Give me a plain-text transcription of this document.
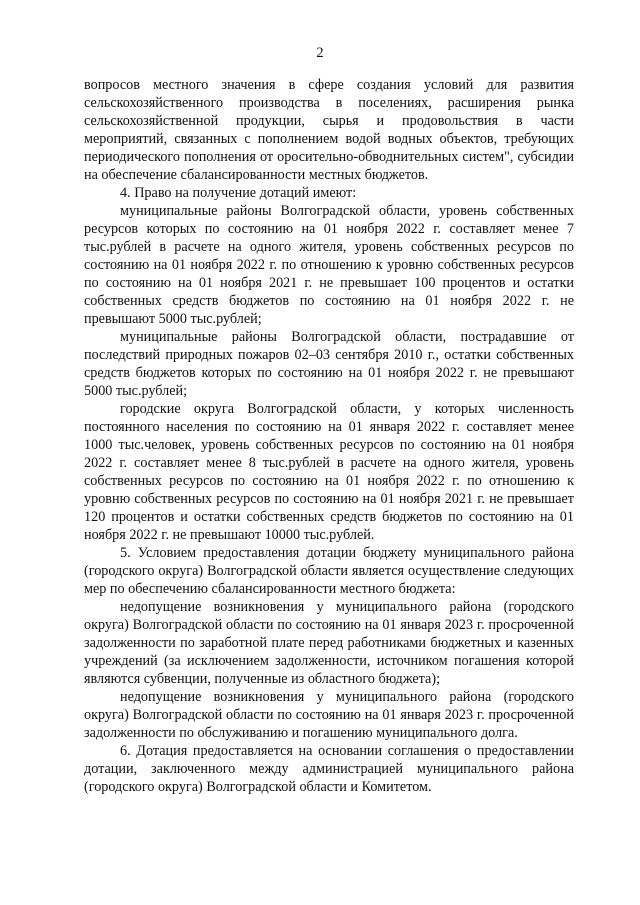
2

вопросов местного значения в сфере создания условий для развития сельскохозяйственного производства в поселениях, расширения рынка сельскохозяйственной продукции, сырья и продовольствия в части мероприятий, связанных с пополнением водой водных объектов, требующих периодического пополнения от оросительно-обводнительных систем", субсидии на обеспечение сбалансированности местных бюджетов.

4. Право на получение дотаций имеют:

муниципальные районы Волгоградской области, уровень собственных ресурсов которых по состоянию на 01 ноября 2022 г. составляет менее 7 тыс.рублей в расчете на одного жителя, уровень собственных ресурсов по состоянию на 01 ноября 2022 г. по отношению к уровню собственных ресурсов по состоянию на 01 ноября 2021 г. не превышает 100 процентов и остатки собственных средств бюджетов по состоянию на 01 ноября 2022 г. не превышают 5000 тыс.рублей;

муниципальные районы Волгоградской области, пострадавшие от последствий природных пожаров 02–03 сентября 2010 г., остатки собственных средств бюджетов которых по состоянию на 01 ноября 2022 г. не превышают 5000 тыс.рублей;

городские округа Волгоградской области, у которых численность постоянного населения по состоянию на 01 января 2022 г. составляет менее 1000 тыс.человек, уровень собственных ресурсов по состоянию на 01 ноября 2022 г. составляет менее 8 тыс.рублей в расчете на одного жителя, уровень собственных ресурсов по состоянию на 01 ноября 2022 г. по отношению к уровню собственных ресурсов по состоянию на 01 ноября 2021 г. не превышает 120 процентов и остатки собственных средств бюджетов по состоянию на 01 ноября 2022 г. не превышают 10000 тыс.рублей.

5. Условием предоставления дотации бюджету муниципального района (городского округа) Волгоградской области является осуществление следующих мер по обеспечению сбалансированности местного бюджета:

недопущение возникновения у муниципального района (городского округа) Волгоградской области по состоянию на 01 января 2023 г. просроченной задолженности по заработной плате перед работниками бюджетных и казенных учреждений (за исключением задолженности, источником погашения которой являются субвенции, полученные из областного бюджета);

недопущение возникновения у муниципального района (городского округа) Волгоградской области по состоянию на 01 января 2023 г. просроченной задолженности по обслуживанию и погашению муниципального долга.

6. Дотация предоставляется на основании соглашения о предоставлении дотации, заключенного между администрацией муниципального района (городского округа) Волгоградской области и Комитетом.
